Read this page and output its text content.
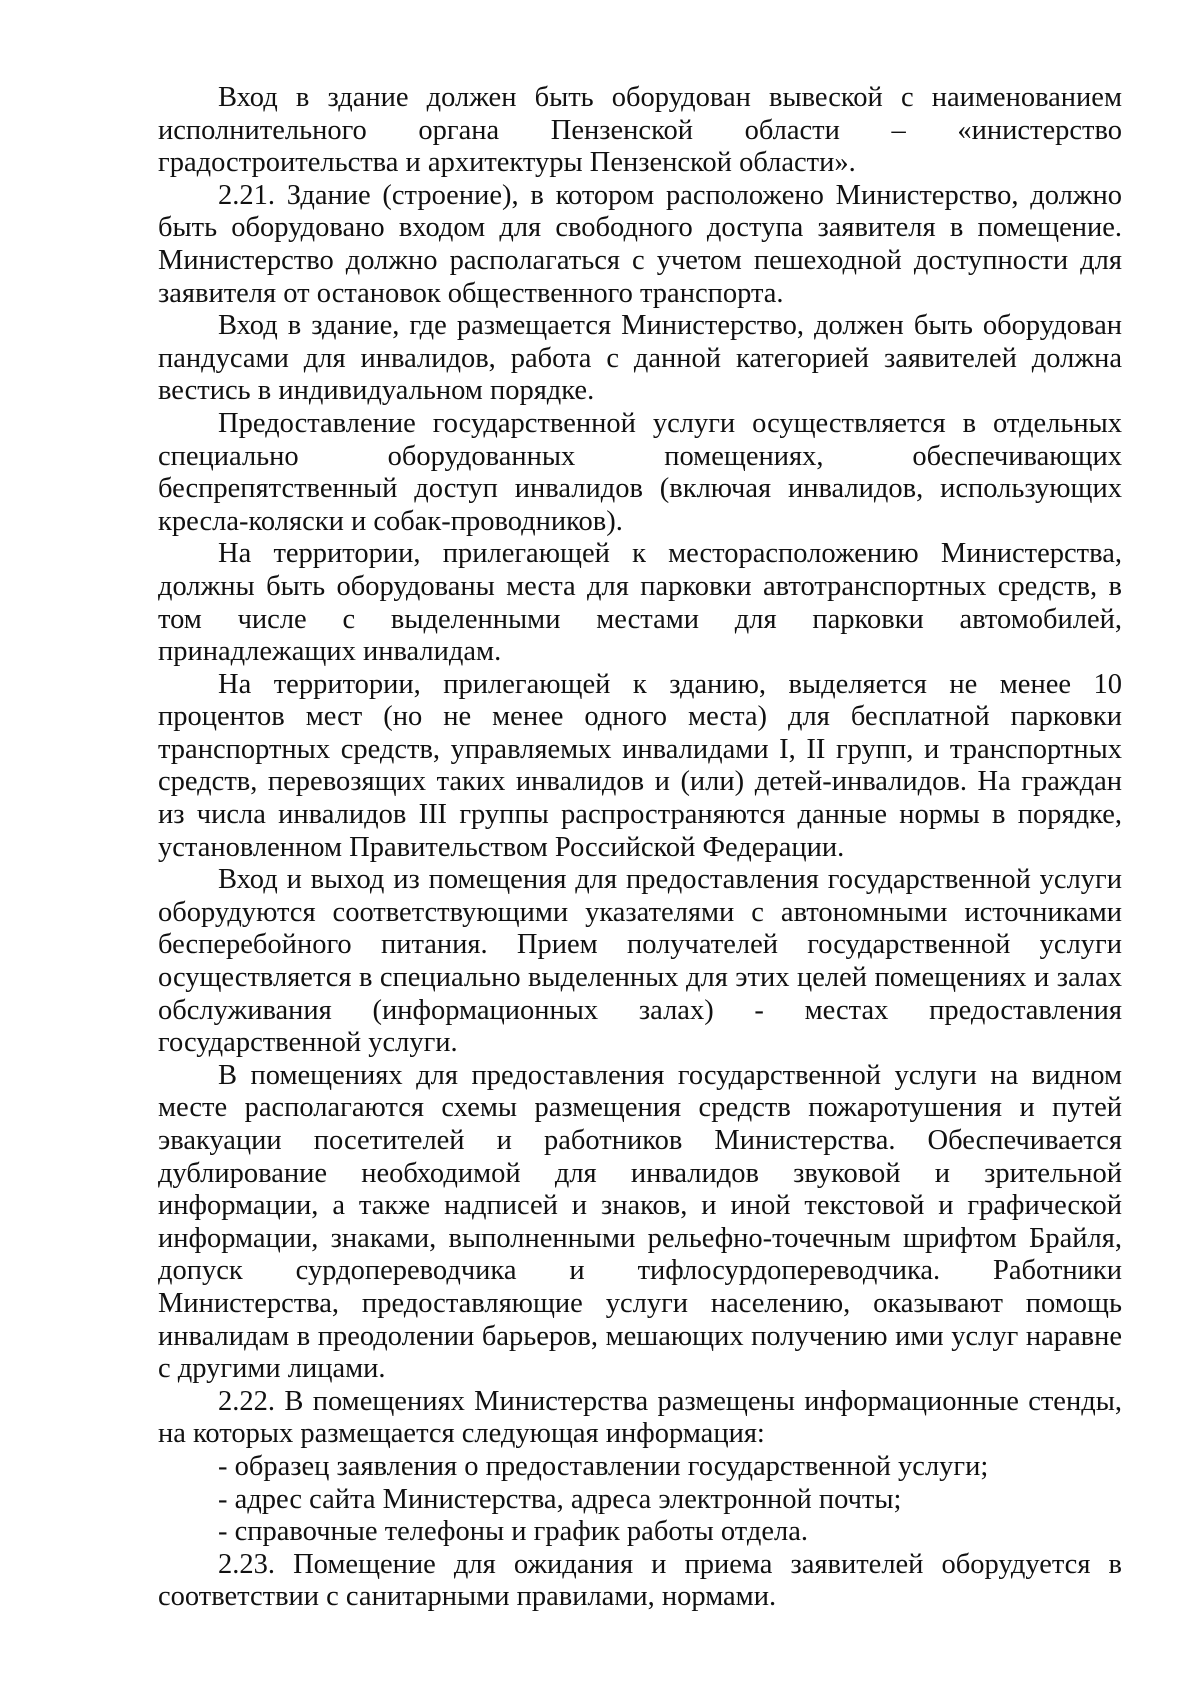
Вход в здание должен быть оборудован вывеской с наименованием исполнительного органа Пензенской области – «инистерство градостроительства и архитектуры Пензенской области».

2.21. Здание (строение), в котором расположено Министерство, должно быть оборудовано входом для свободного доступа заявителя в помещение. Министерство должно располагаться с учетом пешеходной доступности для заявителя от остановок общественного транспорта.

Вход в здание, где размещается Министерство, должен быть оборудован пандусами для инвалидов, работа с данной категорией заявителей должна вестись в индивидуальном порядке.

Предоставление государственной услуги осуществляется в отдельных специально оборудованных помещениях, обеспечивающих беспрепятственный доступ инвалидов (включая инвалидов, использующих кресла-коляски и собак-проводников).

На территории, прилегающей к месторасположению Министерства, должны быть оборудованы места для парковки автотранспортных средств, в том числе с выделенными местами для парковки автомобилей, принадлежащих инвалидам.

На территории, прилегающей к зданию, выделяется не менее 10 процентов мест (но не менее одного места) для бесплатной парковки транспортных средств, управляемых инвалидами I, II групп, и транспортных средств, перевозящих таких инвалидов и (или) детей-инвалидов. На граждан из числа инвалидов III группы распространяются данные нормы в порядке, установленном Правительством Российской Федерации.

Вход и выход из помещения для предоставления государственной услуги оборудуются соответствующими указателями с автономными источниками бесперебойного питания. Прием получателей государственной услуги осуществляется в специально выделенных для этих целей помещениях и залах обслуживания (информационных залах) - местах предоставления государственной услуги.

В помещениях для предоставления государственной услуги на видном месте располагаются схемы размещения средств пожаротушения и путей эвакуации посетителей и работников Министерства. Обеспечивается дублирование необходимой для инвалидов звуковой и зрительной информации, а также надписей и знаков, и иной текстовой и графической информации, знаками, выполненными рельефно-точечным шрифтом Брайля, допуск сурдопереводчика и тифлосурдопереводчика. Работники Министерства, предоставляющие услуги населению, оказывают помощь инвалидам в преодолении барьеров, мешающих получению ими услуг наравне с другими лицами.

2.22. В помещениях Министерства размещены информационные стенды, на которых размещается следующая информация:

- образец заявления о предоставлении государственной услуги;

- адрес сайта Министерства, адреса электронной почты;

- справочные телефоны и график работы отдела.

2.23. Помещение для ожидания и приема заявителей оборудуется в соответствии с санитарными правилами, нормами.
